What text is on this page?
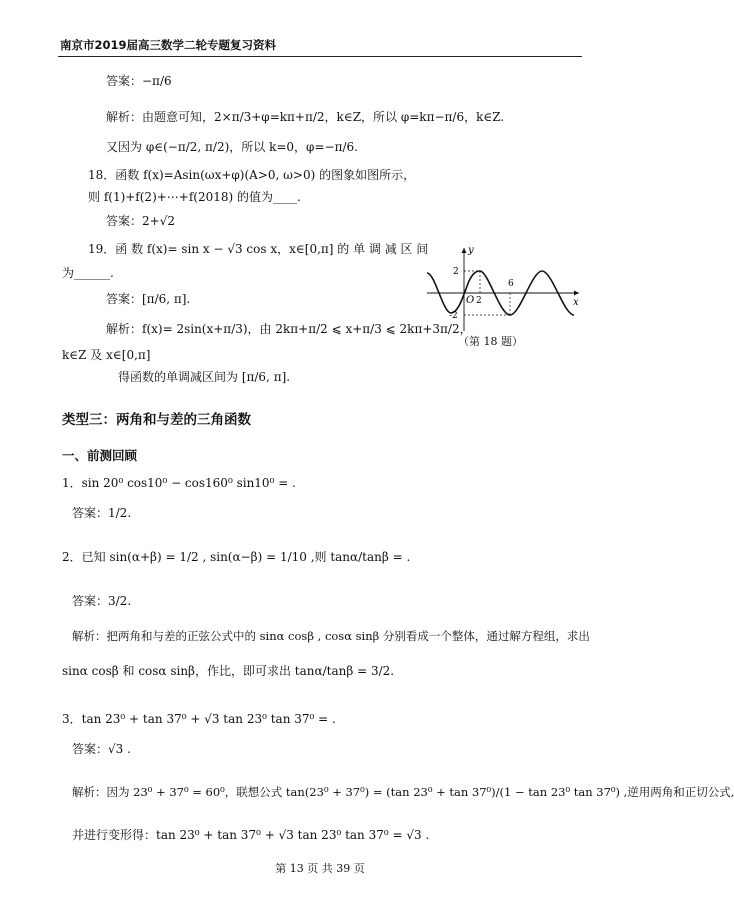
南京市2019届高三数学二轮专题复习资料
答案：−π/6
解析：由题意可知，2×π/3+φ=kπ+π/2，k∈Z，所以 φ=kπ−π/6，k∈Z.
又因为 φ∈(−π/2, π/2)，所以 k=0，φ=−π/6.
18．函数 f(x)=Asin(ωx+φ)(A>0, ω>0) 的图象如图所示，
则 f(1)+f(2)+⋯+f(2018) 的值为____.
答案：2+√2
19．函 数 f(x)= sin x − √3 cos x，x∈[0,π] 的 单 调 减 区 间
为______.
答案：[π/6, π].
解析：f(x)= 2sin(x+π/3)，由 2kπ+π/2 ⩽ x+π/3 ⩽ 2kπ+3π/2，
k∈Z 及 x∈[0,π]
得函数的单调减区间为 [π/6, π].
y
x
O 2
6
2
-2
（第 18 题）
类型三：两角和与差的三角函数
一、前测回顾
1．sin 20⁰ cos10⁰ − cos160⁰ sin10⁰ = .
答案：1/2.
2．已知 sin(α+β) = 1/2 , sin(α−β) = 1/10 ,则 tanα/tanβ = .
答案：3/2.
解析：把两角和与差的正弦公式中的 sinα cosβ , cosα sinβ 分别看成一个整体，通过解方程组，求出
sinα cosβ 和 cosα sinβ，作比，即可求出 tanα/tanβ = 3/2.
3．tan 23⁰ + tan 37⁰ + √3 tan 23⁰ tan 37⁰ = .
答案：√3 .
解析：因为 23⁰ + 37⁰ = 60⁰，联想公式 tan(23⁰ + 37⁰) = (tan 23⁰ + tan 37⁰)/(1 − tan 23⁰ tan 37⁰) ,逆用两角和正切公式,
并进行变形得：tan 23⁰ + tan 37⁰ + √3 tan 23⁰ tan 37⁰ = √3 .
第 13 页 共 39 页
